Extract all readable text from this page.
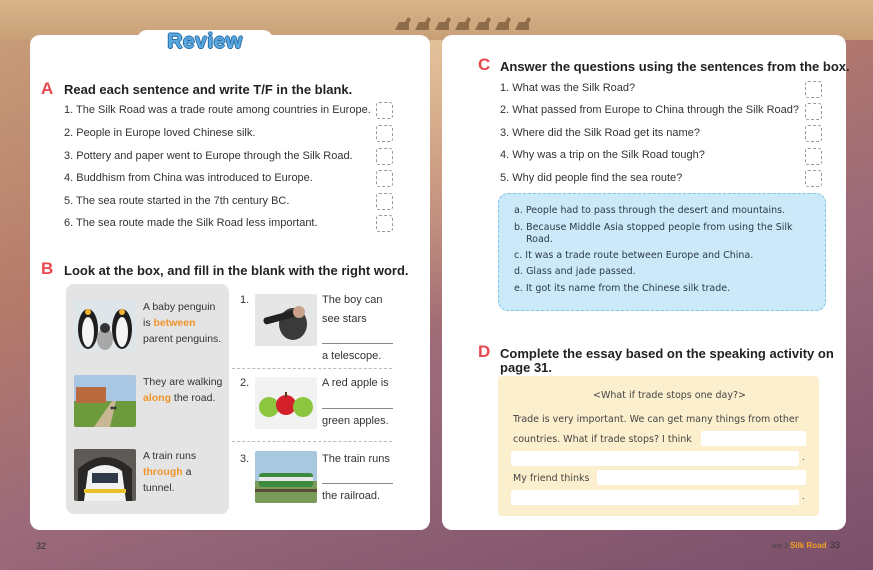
Review
A Read each sentence and write T/F in the blank.
1. The Silk Road was a trade route among countries in Europe.
2. People in Europe loved Chinese silk.
3. Pottery and paper went to Europe through the Silk Road.
4. Buddhism from China was introduced to Europe.
5. The sea route started in the 7th century BC.
6. The sea route made the Silk Road less important.
B Look at the box, and fill in the blank with the right word.
A baby penguin
is between
parent penguins.
They are walking
along the road.
A train runs
through a
tunnel.
1.	The boy can
see stars
a telescope.
2.	A red apple is
green apples.
3.	The train runs
the railroad.
32
C Answer the questions using the sentences from the box.
1. What was the Silk Road?
2. What passed from Europe to China through the Silk Road?
3. Where did the Silk Road get its name?
4. Why was a trip on the Silk Road tough?
5. Why did people find the sea route?
a. People had to pass through the desert and mountains.
b. Because Middle Asia stopped people from using the Silk
Road.
c. It was a trade route between Europe and China.
d. Glass and jade passed.
e. It got its name from the Chinese silk trade.
D Complete the essay based on the speaking activity on
page 31.
<What if trade stops one day?>
Trade is very important. We can get many things from other
countries. What if trade stops? I think
.
My friend thinks
.
unit 3 Silk Road 33
